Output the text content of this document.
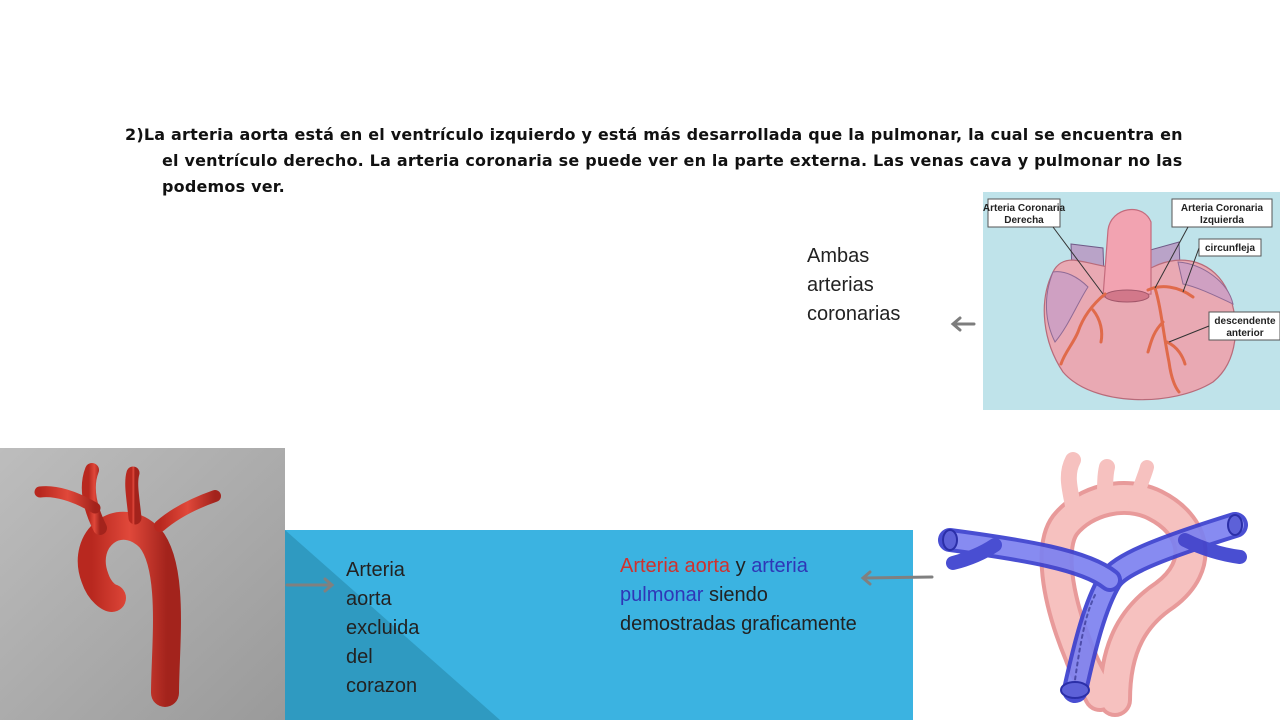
2)La arteria aorta está en el ventrículo izquierdo y está más desarrollada que la pulmonar, la cual se encuentra en el ventrículo derecho. La arteria coronaria se puede ver en la parte externa. Las venas cava y pulmonar no las podemos ver.
Arteria Coronaria
Derecha
Arteria Coronaria
Izquierda
circunfleja
descendente
anterior
Ambas
arterias
coronarias
Arteria
aorta
excluida
del
corazon
Arteria aorta y arteria pulmonar siendo demostradas graficamente
